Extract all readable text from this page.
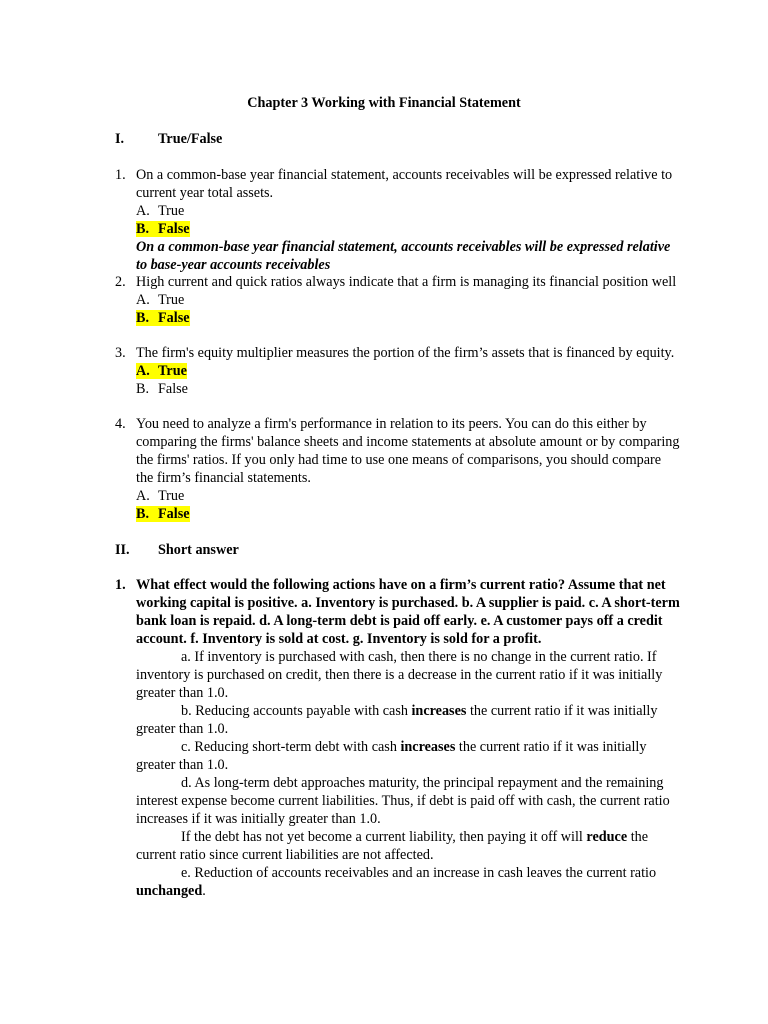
Chapter 3 Working with Financial Statement
I. True/False
1. On a common-base year financial statement, accounts receivables will be expressed relative to current year total assets.
A. True
B. False
On a common-base year financial statement, accounts receivables will be expressed relative to base-year accounts receivables
2. High current and quick ratios always indicate that a firm is managing its financial position well
A. True
B. False
3. The firm's equity multiplier measures the portion of the firm’s assets that is financed by equity.
A. True
B. False
4. You need to analyze a firm's performance in relation to its peers. You can do this either by comparing the firms' balance sheets and income statements at absolute amount or by comparing the firms' ratios. If you only had time to use one means of comparisons, you should compare the firm’s financial statements.
A. True
B. False
II. Short answer
1. What effect would the following actions have on a firm’s current ratio? Assume that net working capital is positive. a. Inventory is purchased. b. A supplier is paid. c. A short-term bank loan is repaid. d. A long-term debt is paid off early. e. A customer pays off a credit account. f. Inventory is sold at cost. g. Inventory is sold for a profit.
a. If inventory is purchased with cash, then there is no change in the current ratio. If inventory is purchased on credit, then there is a decrease in the current ratio if it was initially greater than 1.0.
b. Reducing accounts payable with cash increases the current ratio if it was initially greater than 1.0.
c. Reducing short-term debt with cash increases the current ratio if it was initially greater than 1.0.
d. As long-term debt approaches maturity, the principal repayment and the remaining interest expense become current liabilities. Thus, if debt is paid off with cash, the current ratio increases if it was initially greater than 1.0.
If the debt has not yet become a current liability, then paying it off will reduce the current ratio since current liabilities are not affected.
e. Reduction of accounts receivables and an increase in cash leaves the current ratio unchanged.
